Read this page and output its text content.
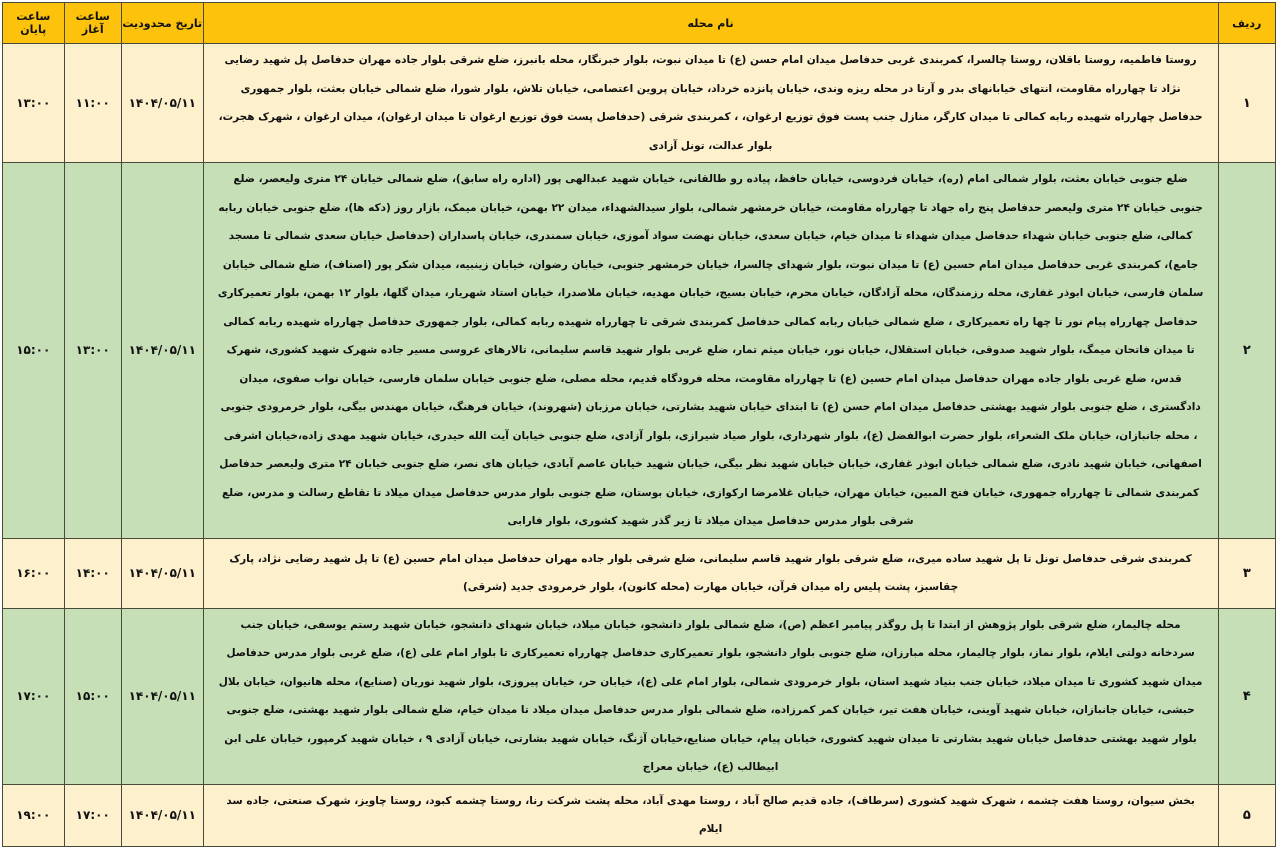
ردیف	نام محله	تاریخ محدودیت	ساعت آغاز	ساعت پایان
۱	روستا فاطمیه، روستا باقلان، روستا چالسرا، کمربندی غربی حدفاصل میدان امام حسن (ع) تا میدان نبوت، بلوار خبرنگار، محله بانبرز، ضلع شرقی بلوار جاده مهران حدفاصل پل شهید رضایی نژاد تا چهارراه مقاومت، انتهای خیابانهای بدر و آرتا در محله ریزه وندی، خیابان پانزده خرداد، خیابان پروین اعتصامی، خیابان تلاش، بلوار شورا، ضلع شمالی خیابان بعثت، بلوار جمهوری حدفاصل چهارراه شهیده ربابه کمالی تا میدان کارگر، منازل جنب پست فوق توزیع ارغوان، ، کمربندی شرقی (حدفاصل پست فوق توزیع ارغوان تا میدان ارغوان)، میدان ارغوان ، شهرک هجرت، بلوار عدالت، تونل آزادی	۱۴۰۴/۰۵/۱۱	۱۱:۰۰	۱۳:۰۰
۲	ضلع جنوبی خیابان بعثت، بلوار شمالی امام (ره)، خیابان فردوسی، خیابان حافظ، پیاده رو طالقانی، خیابان شهید عبدالهی پور (اداره راه سابق)، ضلع شمالی خیابان ۲۴ متری ولیعصر، ضلع جنوبی خیابان ۲۴ متری ولیعصر حدفاصل پنج راه جهاد تا چهارراه مقاومت، خیابان خرمشهر شمالی، بلوار سیدالشهداء، میدان ۲۲ بهمن، خیابان میمک، بازار روز (دکه ها)، ضلع جنوبی خیابان ربابه کمالی، ضلع جنوبی خیابان شهداء حدفاصل میدان شهداء تا میدان خیام، خیابان سعدی، خیابان نهضت سواد آموزی، خیابان سمندری، خیابان پاسداران (حدفاصل خیابان سعدی شمالی تا مسجد جامع)، کمربندی غربی حدفاصل میدان امام حسین (ع) تا میدان نبوت، بلوار شهدای چالسرا، خیابان خرمشهر جنوبی، خیابان رضوان، خیابان زینبیه، میدان شکر پور (اصناف)، ضلع شمالی خیابان سلمان فارسی، خیابان ابوذر غفاری، محله رزمندگان، محله آزادگان، خیابان محرم، خیابان بسیج، خیابان مهدیه، خیابان ملاصدرا، خیابان استاد شهریار، میدان گلها، بلوار ۱۲ بهمن، بلوار تعمیرکاری حدفاصل چهارراه پیام نور تا چها راه تعمیرکاری ، ضلع شمالی خیابان ربابه کمالی حدفاصل کمربندی شرقی تا چهارراه شهیده ربابه کمالی، بلوار جمهوری حدفاصل چهارراه شهیده ربابه کمالی تا میدان فاتحان میمگ، بلوار شهید صدوقی، خیابان استقلال، خیابان نور، خیابان میثم تمار، ضلع غربی بلوار شهید قاسم سلیمانی، تالارهای عروسی مسیر جاده شهرک شهید کشوری، شهرک قدس، ضلع غربی بلوار جاده مهران حدفاصل میدان امام حسین (ع) تا چهارراه مقاومت، محله فرودگاه قدیم، محله مصلی، ضلع جنوبی خیابان سلمان فارسی، خیابان نواب صفوی، میدان دادگستری ، ضلع جنوبی بلوار شهید بهشتی حدفاصل میدان امام حسن (ع) تا ابتدای خیابان شهید بشارتی، خیابان مرزبان (شهروند)، خیابان فرهنگ، خیابان مهندس بیگی، بلوار خرمرودی جنوبی ، محله جانبازان، خیابان ملک الشعراء، بلوار حضرت ابوالفضل (ع)، بلوار شهرداری، بلوار صیاد شیرازی، بلوار آزادی، ضلع جنوبی خیابان آیت الله حیدری، خیابان شهید مهدی زاده،خیابان اشرفی اصفهانی، خیابان شهید نادری، ضلع شمالی خیابان ابوذر غفاری، خیابان خیابان شهید نظر بیگی، خیابان شهید خیابان عاصم آبادی، خیابان های نصر، ضلع جنوبی خیابان ۲۴ متری ولیعصر حدفاصل کمربندی شمالی تا چهارراه جمهوری، خیابان فتح المبین، خیابان مهران، خیابان غلامرضا ارکوازی، خیابان بوستان، ضلع جنوبی بلوار مدرس حدفاصل میدان میلاد تا تقاطع رسالت و مدرس، ضلع شرقی بلوار مدرس حدفاصل میدان میلاد تا زیر گذر شهید کشوری، بلوار فارابی	۱۴۰۴/۰۵/۱۱	۱۳:۰۰	۱۵:۰۰
۳	کمربندی شرقی حدفاصل تونل تا پل شهید ساده میری،، ضلع شرقی بلوار شهید قاسم سلیمانی، ضلع شرقی بلوار جاده مهران حدفاصل میدان امام حسین (ع) تا پل شهید رضایی نژاد، پارک چقاسبز، پشت پلیس راه میدان قرآن، خیابان مهارت (محله کانون)، بلوار خرمرودی جدید (شرقی)	۱۴۰۴/۰۵/۱۱	۱۴:۰۰	۱۶:۰۰
۴	محله چالیمار، ضلع شرقی بلوار پژوهش از ابتدا تا پل روگذر پیامبر اعظم (ص)، ضلع شمالی بلوار دانشجو، خیابان میلاد، خیابان شهدای دانشجو، خیابان شهید رستم یوسفی، خیابان جنب سردخانه دولتی ایلام، بلوار نماز، بلوار چالیمار، محله مبارزان، ضلع جنوبی بلوار دانشجو، بلوار تعمیرکاری حدفاصل چهارراه تعمیرکاری تا بلوار امام علی (ع)، ضلع غربی بلوار مدرس حدفاصل میدان شهید کشوری تا میدان میلاد، خیابان جنب بنیاد شهید استان، بلوار خرمرودی شمالی، بلوار امام علی (ع)، خیابان حر، خیابان پیروزی، بلوار شهید نوریان (صنایع)، محله هانیوان، خیابان بلال حبشی، خیابان جانبازان، خیابان شهید آوینی، خیابان هفت تیر، خیابان کمر کمرزاده، ضلع شمالی بلوار مدرس حدفاصل میدان میلاد تا میدان خیام، ضلع شمالی بلوار شهید بهشتی، ضلع جنوبی بلوار شهید بهشتی حدفاصل خیابان شهید بشارتی تا میدان شهید کشوری، خیابان پیام، خیابان صنایع،خیابان آژنگ، خیابان شهید بشارتی، خیابان آزادی ۹ ، خیابان شهید کرمپور، خیابان علی ابن ابیطالب (ع)، خیابان معراج	۱۴۰۴/۰۵/۱۱	۱۵:۰۰	۱۷:۰۰
۵	بخش سیوان، روستا هفت چشمه ، شهرک شهید کشوری (سرطاف)، جاده قدیم صالح آباد ، روستا مهدی آباد، محله پشت شرکت رنا، روستا چشمه کبود، روستا چاویز، شهرک صنعتی، جاده سد ایلام	۱۴۰۴/۰۵/۱۱	۱۷:۰۰	۱۹:۰۰
